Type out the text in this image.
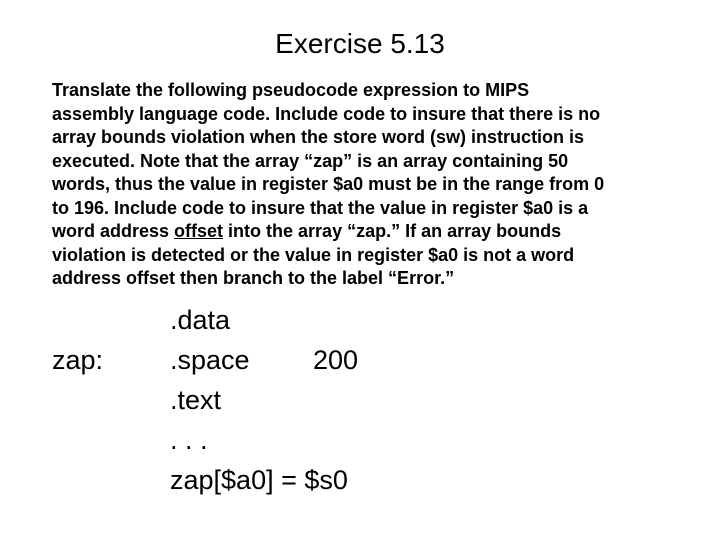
Exercise 5.13
Translate the following pseudocode expression to MIPS
assembly language code. Include code to insure that there is no
array bounds violation when the store word (sw) instruction is
executed. Note that the array “zap” is an array containing 50
words, thus the value in register $a0 must be in the range from 0
to 196. Include code to insure that the value in register $a0 is a
word address offset into the array “zap.” If an array bounds
violation is detected or the value in register $a0 is not a word
address offset then branch to the label “Error.”
zap:
.data
.space
.text
. . .
zap[$a0] = $s0
200
